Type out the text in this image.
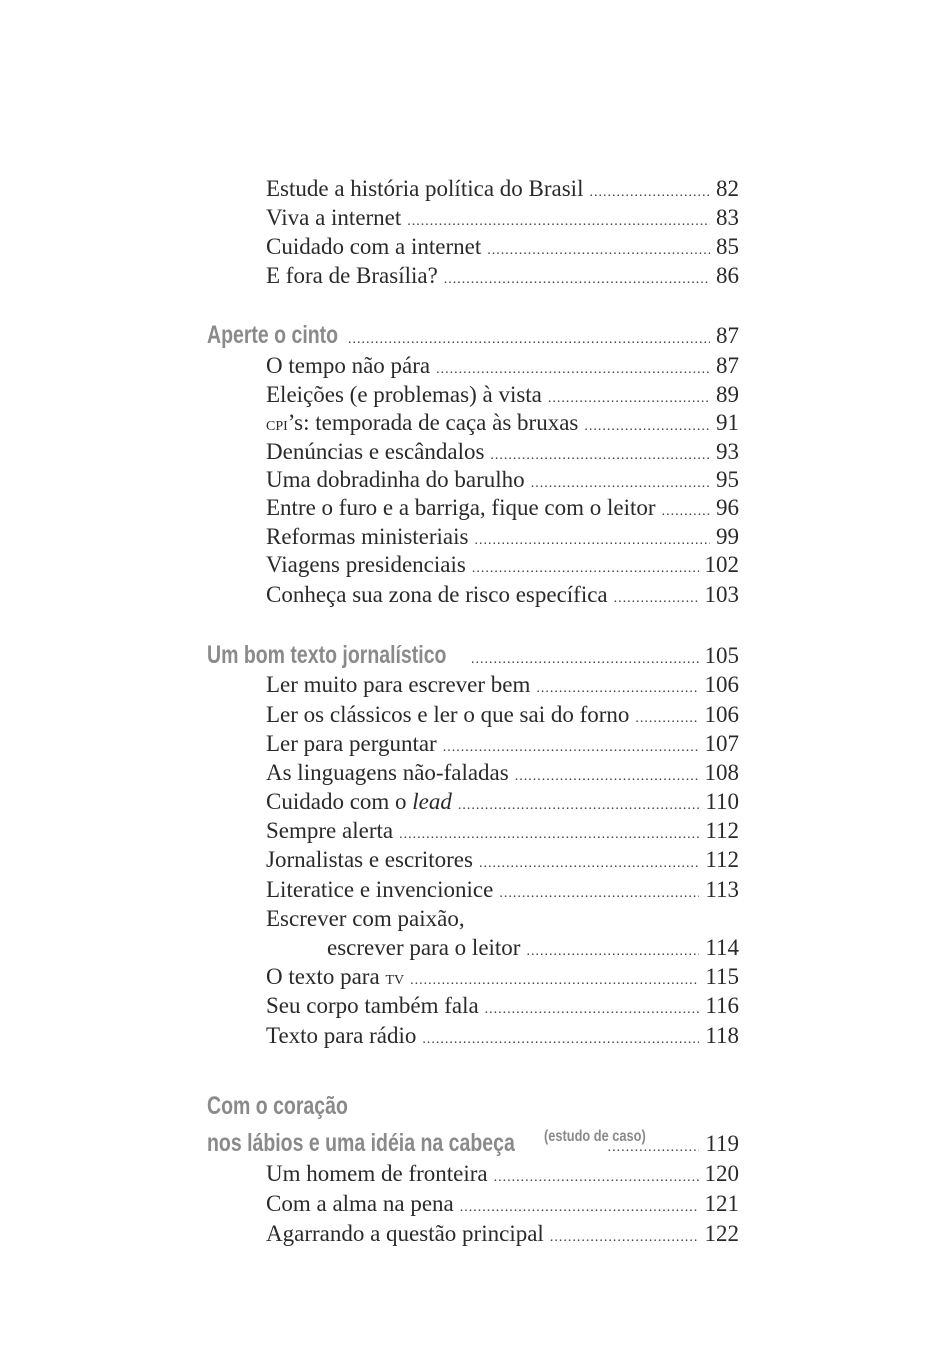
Estude a história política do Brasil .....	82
Viva a internet .....	83
Cuidado com a internet .....	85
E fora de Brasília? .....	86
Aperte o cinto .....	87
O tempo não pára .....	87
Eleições (e problemas) à vista .....	89
cpi’s: temporada de caça às bruxas .....	91
Denúncias e escândalos .....	93
Uma dobradinha do barulho .....	95
Entre o furo e a barriga, fique com o leitor .....	96
Reformas ministeriais .....	99
Viagens presidenciais .....	102
Conheça sua zona de risco específica .....	103
Um bom texto jornalístico .....	105
Ler muito para escrever bem .....	106
Ler os clássicos e ler o que sai do forno .....	106
Ler para perguntar .....	107
As linguagens não-faladas .....	108
Cuidado com o lead .....	110
Sempre alerta .....	112
Jornalistas e escritores .....	112
Literatice e invencionice .....	113
Escrever com paixão,
escrever para o leitor .....	114
O texto para tv .....	115
Seu corpo também fala .....	116
Texto para rádio .....	118
Com o coração
nos lábios e uma idéia na cabeça (estudo de caso) .....	119
Um homem de fronteira .....	120
Com a alma na pena .....	121
Agarrando a questão principal .....	122
